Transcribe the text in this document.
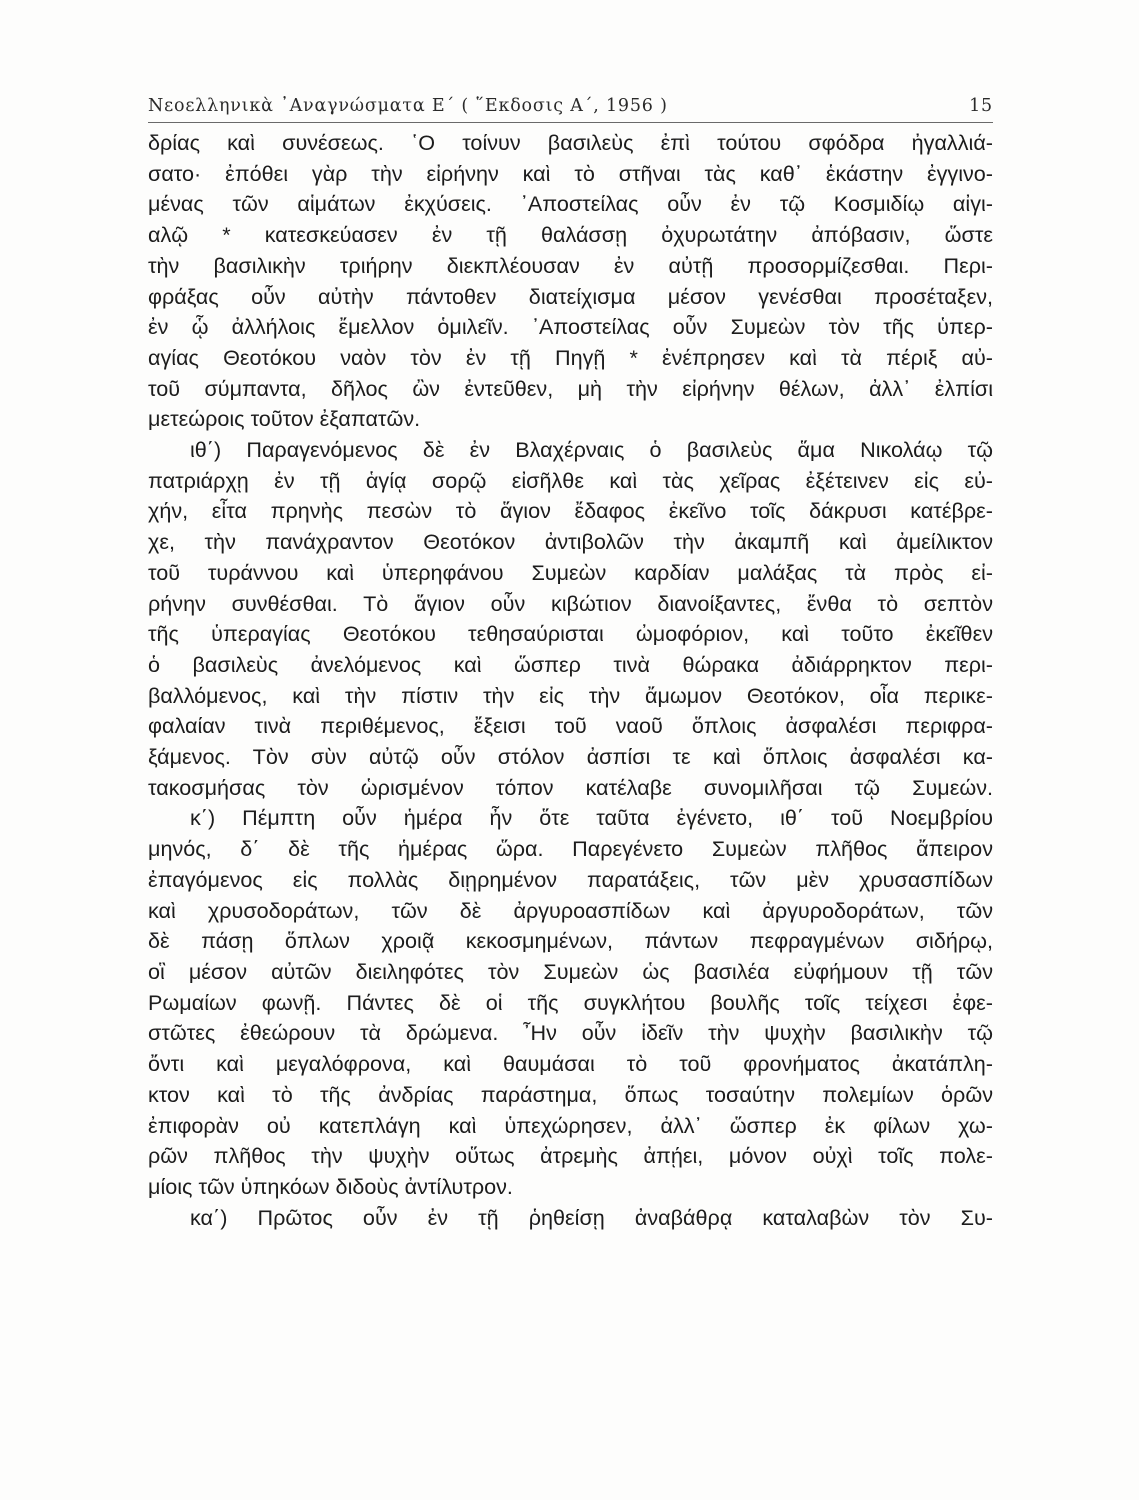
Νεοελληνικὰ ᾿Αναγνώσματα Ε΄ ( ῞Εκδοσις Α΄, 1956 )	15
δρίας καὶ συνέσεως. ῾Ο τοίνυν βασιλεὺς ἐπὶ τούτου σφόδρα ἠγαλλιά-
σατο· ἐπόθει γὰρ τὴν εἰρήνην καὶ τὸ στῆναι τὰς καθ᾿ ἑκάστην ἐγγινο-
μένας τῶν αἱμάτων ἐκχύσεις. ᾿Αποστείλας οὖν ἐν τῷ Κοσμιδίῳ αἰγι-
αλῷ * κατεσκεύασεν ἐν τῇ θαλάσσῃ ὀχυρωτάτην ἀπόβασιν, ὥστε
τὴν βασιλικὴν τριήρην διεκπλέουσαν ἐν αὐτῇ προσορμίζεσθαι. Περι-
φράξας οὖν αὐτὴν πάντοθεν διατείχισμα μέσον γενέσθαι προσέταξεν,
ἐν ᾧ ἀλλήλοις ἔμελλον ὁμιλεῖν. ᾿Αποστείλας οὖν Συμεὼν τὸν τῆς ὑπερ-
αγίας Θεοτόκου ναὸν τὸν ἐν τῇ Πηγῇ * ἐνέπρησεν καὶ τὰ πέριξ αὐ-
τοῦ σύμπαντα, δῆλος ὢν ἐντεῦθεν, μὴ τὴν εἰρήνην θέλων, ἀλλ᾿ ἐλπίσι
μετεώροις τοῦτον ἐξαπατῶν.
ιθ΄) Παραγενόμενος δὲ ἐν Βλαχέρναις ὁ βασιλεὺς ἅμα Νικολάῳ τῷ
πατριάρχῃ ἐν τῇ ἁγίᾳ σορῷ εἰσῆλθε καὶ τὰς χεῖρας ἐξέτεινεν εἰς εὐ-
χήν, εἶτα πρηνὴς πεσὼν τὸ ἅγιον ἔδαφος ἐκεῖνο τοῖς δάκρυσι κατέβρε-
χε, τὴν πανάχραντον Θεοτόκον ἀντιβολῶν τὴν ἀκαμπῆ καὶ ἀμείλικτον
τοῦ τυράννου καὶ ὑπερηφάνου Συμεὼν καρδίαν μαλάξας τὰ πρὸς εἰ-
ρήνην συνθέσθαι. Τὸ ἅγιον οὖν κιβώτιον διανοίξαντες, ἔνθα τὸ σεπτὸν
τῆς ὑπεραγίας Θεοτόκου τεθησαύρισται ὠμοφόριον, καὶ τοῦτο ἐκεῖθεν
ὁ βασιλεὺς ἀνελόμενος καὶ ὥσπερ τινὰ θώρακα ἀδιάρρηκτον περι-
βαλλόμενος, καὶ τὴν πίστιν τὴν εἰς τὴν ἄμωμον Θεοτόκον, οἷα περικε-
φαλαίαν τινὰ περιθέμενος, ἔξεισι τοῦ ναοῦ ὅπλοις ἀσφαλέσι περιφρα-
ξάμενος. Τὸν σὺν αὐτῷ οὖν στόλον ἀσπίσι τε καὶ ὅπλοις ἀσφαλέσι κα-
τακοσμήσας τὸν ὡρισμένον τόπον κατέλαβε συνομιλῆσαι τῷ Συμεών.
κ΄) Πέμπτη οὖν ἡμέρα ἦν ὅτε ταῦτα ἐγένετο, ιθ΄ τοῦ Νοεμβρίου
μηνός, δ΄ δὲ τῆς ἡμέρας ὥρα. Παρεγένετο Συμεὼν πλῆθος ἄπειρον
ἐπαγόμενος εἰς πολλὰς διῃρημένον παρατάξεις, τῶν μὲν χρυσασπίδων
καὶ χρυσοδοράτων, τῶν δὲ ἀργυροασπίδων καὶ ἀργυροδοράτων, τῶν
δὲ πάσῃ ὅπλων χροιᾷ κεκοσμημένων, πάντων πεφραγμένων σιδήρῳ,
οἳ μέσον αὐτῶν διειληφότες τὸν Συμεὼν ὡς βασιλέα εὐφήμουν τῇ τῶν
Ρωμαίων φωνῇ. Πάντες δὲ οἱ τῆς συγκλήτου βουλῆς τοῖς τείχεσι ἐφε-
στῶτες ἐθεώρουν τὰ δρώμενα. ῏Ην οὖν ἰδεῖν τὴν ψυχὴν βασιλικὴν τῷ
ὄντι καὶ μεγαλόφρονα, καὶ θαυμάσαι τὸ τοῦ φρονήματος ἀκατάπλη-
κτον καὶ τὸ τῆς ἀνδρίας παράστημα, ὅπως τοσαύτην πολεμίων ὁρῶν
ἐπιφορὰν οὐ κατεπλάγη καὶ ὑπεχώρησεν, ἀλλ᾿ ὥσπερ ἐκ φίλων χω-
ρῶν πλῆθος τὴν ψυχὴν οὕτως ἀτρεμὴς ἀπῄει, μόνον οὐχὶ τοῖς πολε-
μίοις τῶν ὑπηκόων διδοὺς ἀντίλυτρον.
κα΄) Πρῶτος οὖν ἐν τῇ ῥηθείσῃ ἀναβάθρᾳ καταλαβὼν τὸν Συ-
